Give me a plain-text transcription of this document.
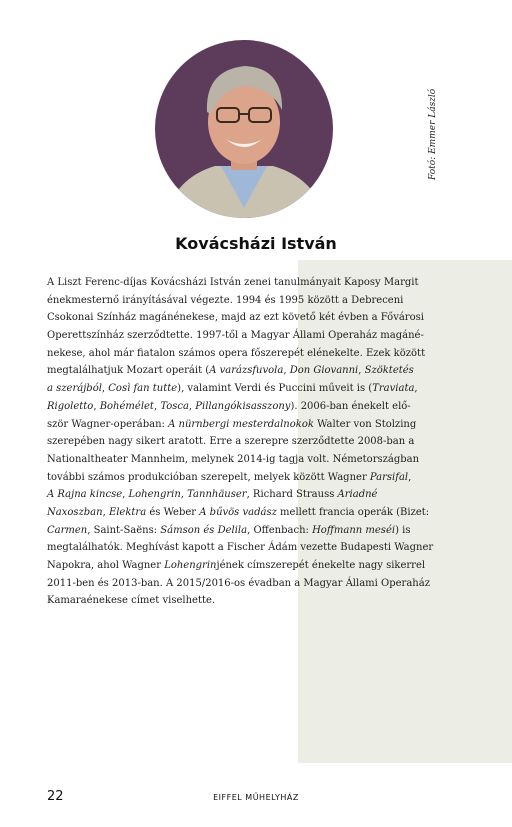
Fotó: Emmer László
Kovácsházi István
A Liszt Ferenc-díjas Kovácsházi István zenei tanulmányait Kaposy Margit
énekmesternő irányításával végezte. 1994 és 1995 között a Debreceni
Csokonai Színház magánénekese, majd az ezt követő két évben a Fővárosi
Operettszínház szerződtette. 1997-től a Magyar Állami Operaház magáné-
nekese, ahol már fiatalon számos opera főszerepét elénekelte. Ezek között
megtalálhatjuk Mozart operáit (A varázsfuvola, Don Giovanni, Szöktetés
a szerájból, Così fan tutte), valamint Verdi és Puccini műveit is (Traviata,
Rigoletto, Bohémélet, Tosca, Pillangókisasszony). 2006-ban énekelt elő-
ször Wagner-operában: A nürnbergi mesterdalnokok Walter von Stolzing
szerepében nagy sikert aratott. Erre a szerepre szerződtette 2008-ban a
Nationaltheater Mannheim, melynek 2014-ig tagja volt. Németországban
további számos produkcióban szerepelt, melyek között Wagner Parsifal,
A Rajna kincse, Lohengrin, Tannhäuser, Richard Strauss Ariadné
Naxoszban, Elektra és Weber A bűvös vadász mellett francia operák (Bizet:
Carmen, Saint-Saëns: Sámson és Delila, Offenbach: Hoffmann meséi) is
megtalálhatók. Meghívást kapott a Fischer Ádám vezette Budapesti Wagner
Napokra, ahol Wagner Lohengrinjének címszerepét énekelte nagy sikerrel
2011-ben és 2013-ban. A 2015/2016-os évadban a Magyar Állami Operaház
Kamaraénekese címet viselhette.
22	EIFFEL MŰHELYHÁZ
